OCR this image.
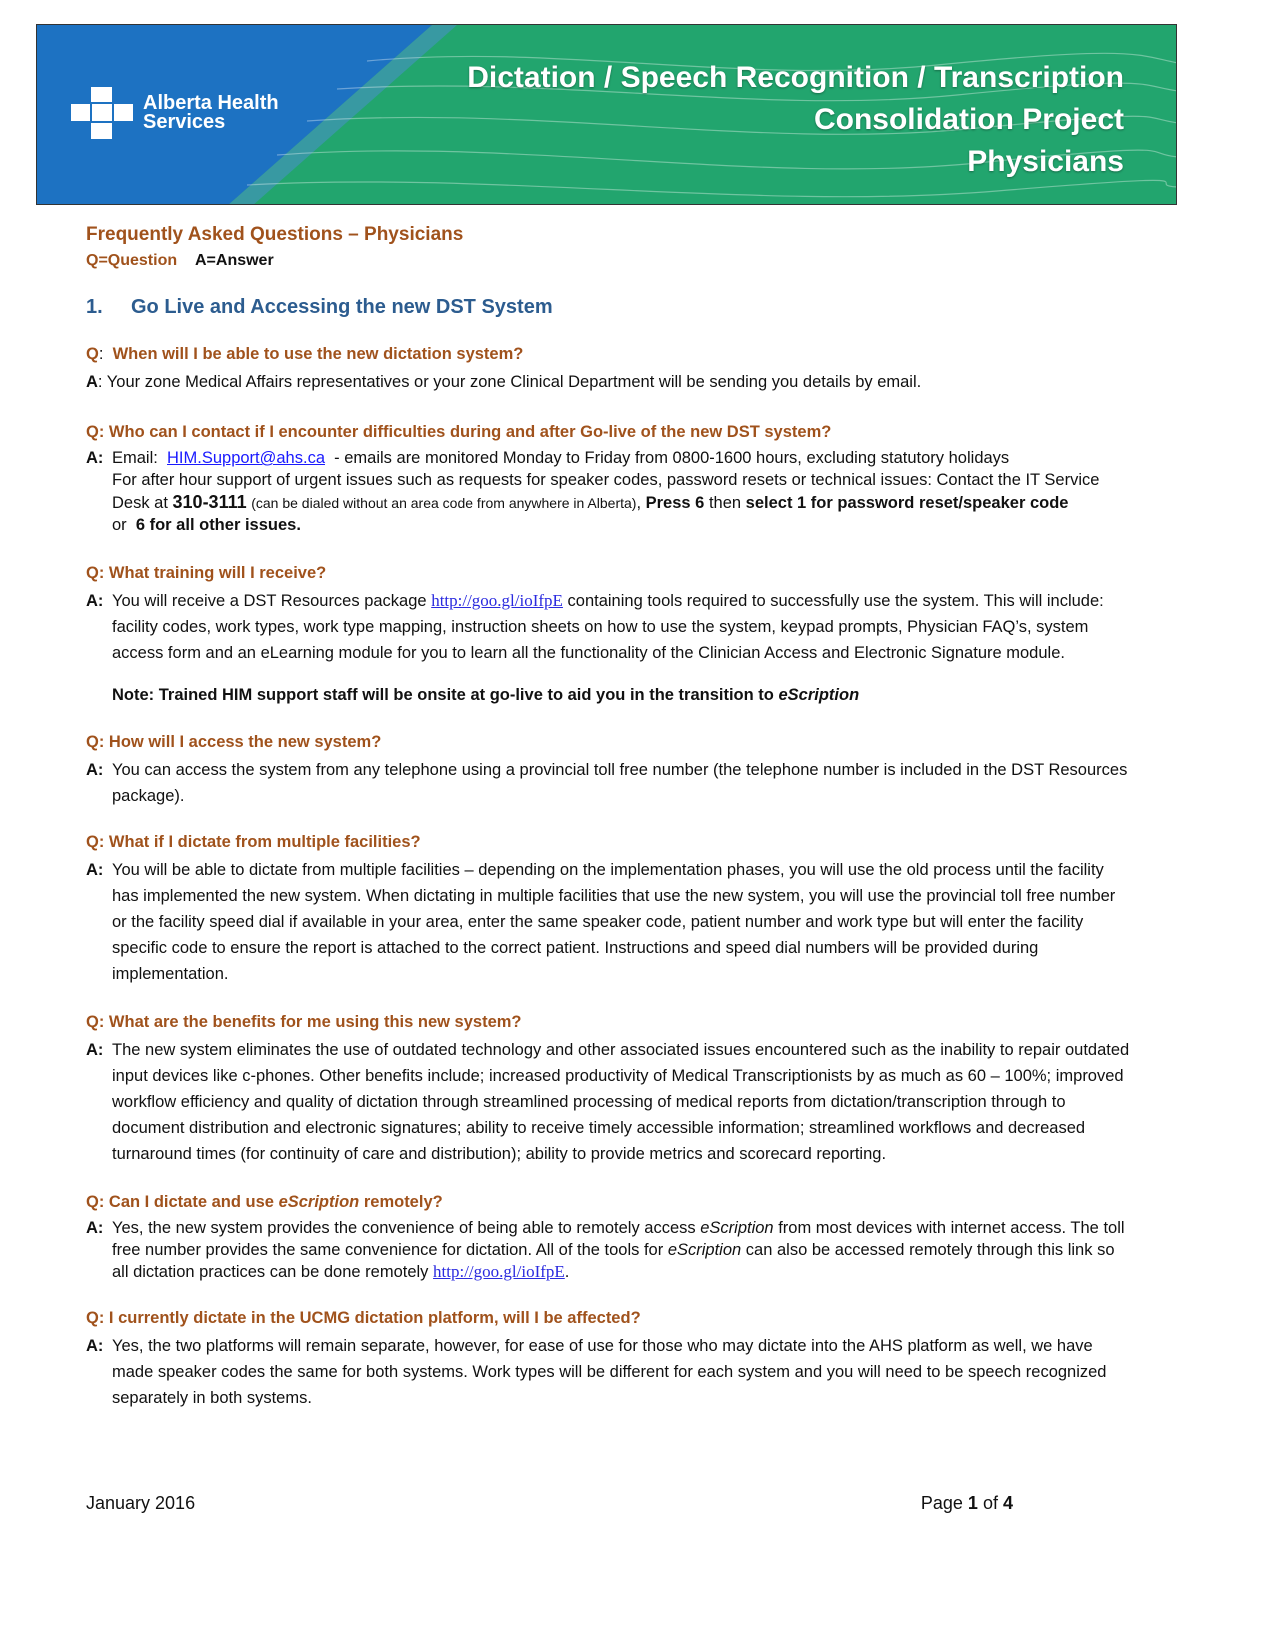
Alberta Health
Services
Dictation / Speech Recognition / Transcription
Consolidation Project
Physicians
Frequently Asked Questions – Physicians
Q=Question A=Answer
1.	Go Live and Accessing the new DST System
Q: When will I be able to use the new dictation system?
A: Your zone Medical Affairs representatives or your zone Clinical Department will be sending you details by email.
Q: Who can I contact if I encounter difficulties during and after Go-live of the new DST system?
A: Email: HIM.Support@ahs.ca - emails are monitored Monday to Friday from 0800-1600 hours, excluding statutory holidays

For after hour support of urgent issues such as requests for speaker codes, password resets or technical issues: Contact the IT Service

Desk at 310-3111 (can be dialed without an area code from anywhere in Alberta), Press 6 then select 1 for password reset/speaker code

or 6 for all other issues.

Q: What training will I receive?
A: You will receive a DST Resources package http://goo.gl/ioIfpE containing tools required to successfully use the system. This will include: facility codes, work types, work type mapping, instruction sheets on how to use the system, keypad prompts, Physician FAQ’s, system access form and an eLearning module for you to learn all the functionality of the Clinician Access and Electronic Signature module.
Note: Trained HIM support staff will be onsite at go-live to aid you in the transition to eScription
Q: How will I access the new system?
A: You can access the system from any telephone using a provincial toll free number (the telephone number is included in the DST Resources package).
Q: What if I dictate from multiple facilities?
A: You will be able to dictate from multiple facilities – depending on the implementation phases, you will use the old process until the facility has implemented the new system. When dictating in multiple facilities that use the new system, you will use the provincial toll free number or the facility speed dial if available in your area, enter the same speaker code, patient number and work type but will enter the facility specific code to ensure the report is attached to the correct patient. Instructions and speed dial numbers will be provided during implementation.
Q: What are the benefits for me using this new system?
A: The new system eliminates the use of outdated technology and other associated issues encountered such as the inability to repair outdated input devices like c-phones. Other benefits include; increased productivity of Medical Transcriptionists by as much as 60 – 100%; improved workflow efficiency and quality of dictation through streamlined processing of medical reports from dictation/transcription through to document distribution and electronic signatures; ability to receive timely accessible information; streamlined workflows and decreased turnaround times (for continuity of care and distribution); ability to provide metrics and scorecard reporting.
Q: Can I dictate and use eScription remotely?
A: Yes, the new system provides the convenience of being able to remotely access eScription from most devices with internet access. The toll free number provides the same convenience for dictation. All of the tools for eScription can also be accessed remotely through this link so all dictation practices can be done remotely http://goo.gl/ioIfpE.
Q: I currently dictate in the UCMG dictation platform, will I be affected?
A: Yes, the two platforms will remain separate, however, for ease of use for those who may dictate into the AHS platform as well, we have made speaker codes the same for both systems. Work types will be different for each system and you will need to be speech recognized separately in both systems.
January 2016	Page 1 of 4
